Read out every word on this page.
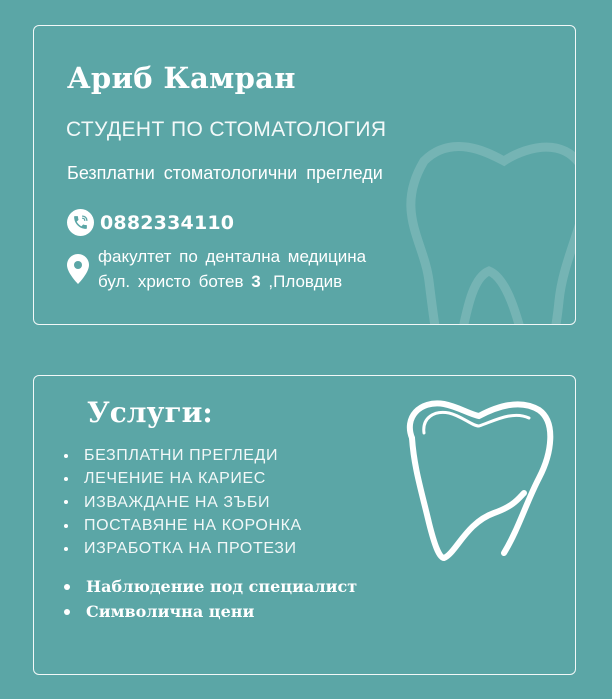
Ариб Камран
СТУДЕНТ ПО СТОМАТОЛОГИЯ
Безплатни стоматологични прегледи
0882334110
факултет по дентална медицина
бул. христо ботев 3 ,Пловдив
Услуги:
БЕЗПЛАТНИ ПРЕГЛЕДИ
ЛЕЧЕНИЕ НА КАРИЕС
ИЗВАЖДАНЕ НА ЗЪБИ
ПОСТАВЯНЕ НА КОРОНКА
ИЗРАБОТКА НА ПРОТЕЗИ
Наблюдение под специалист
Символична цени
